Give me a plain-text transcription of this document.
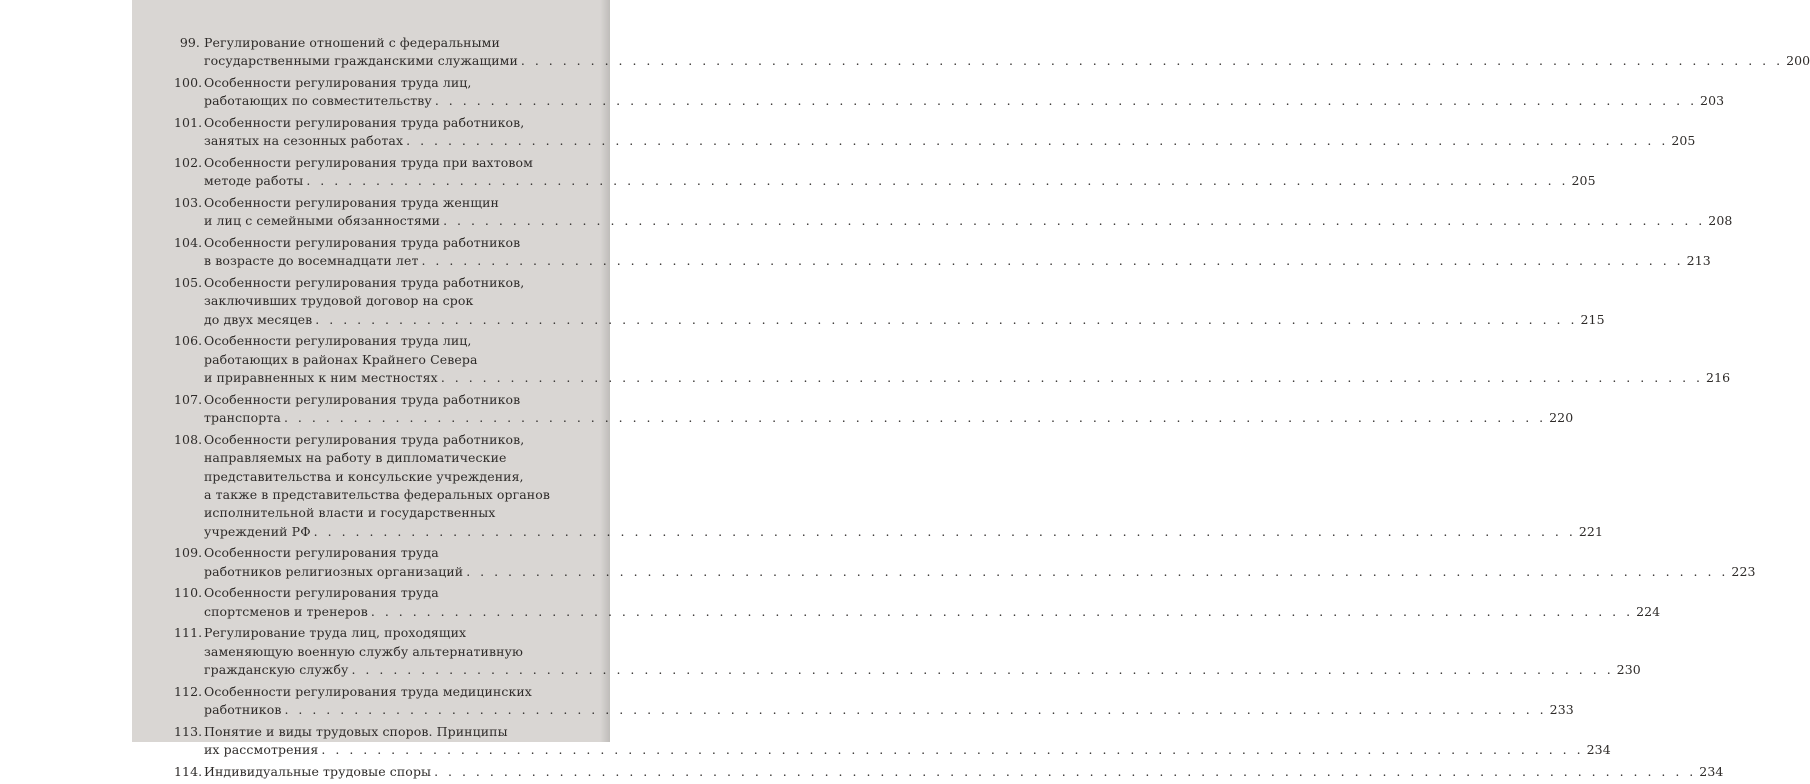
99. Регулирование отношений с федеральными
государственными гражданскими служащими . . .	200
100. Особенности регулирования труда лиц,
работающих по совместительству . . .	203
101. Особенности регулирования труда работников,
занятых на сезонных работах . . .	205
102. Особенности регулирования труда при вахтовом
методе работы . . .	205
103. Особенности регулирования труда женщин
и лиц с семейными обязанностями . . .	208
104. Особенности регулирования труда работников
в возрасте до восемнадцати лет . . .	213
105. Особенности регулирования труда работников,
заключивших трудовой договор на срок
до двух месяцев . . .	215
106. Особенности регулирования труда лиц,
работающих в районах Крайнего Севера
и приравненных к ним местностях . . .	216
107. Особенности регулирования труда работников
транспорта . . .	220
108. Особенности регулирования труда работников,
направляемых на работу в дипломатические
представительства и консульские учреждения,
а также в представительства федеральных органов
исполнительной власти и государственных
учреждений РФ . . .	221
109. Особенности регулирования труда
работников религиозных организаций . . .	223
110. Особенности регулирования труда
спортсменов и тренеров . . .	224
111. Регулирование труда лиц, проходящих
заменяющую военную службу альтернативную
гражданскую службу . . .	230
112. Особенности регулирования труда медицинских
работников . . .	233
113. Понятие и виды трудовых споров. Принципы
их рассмотрения . . .	234
114. Индивидуальные трудовые споры . . .	234
